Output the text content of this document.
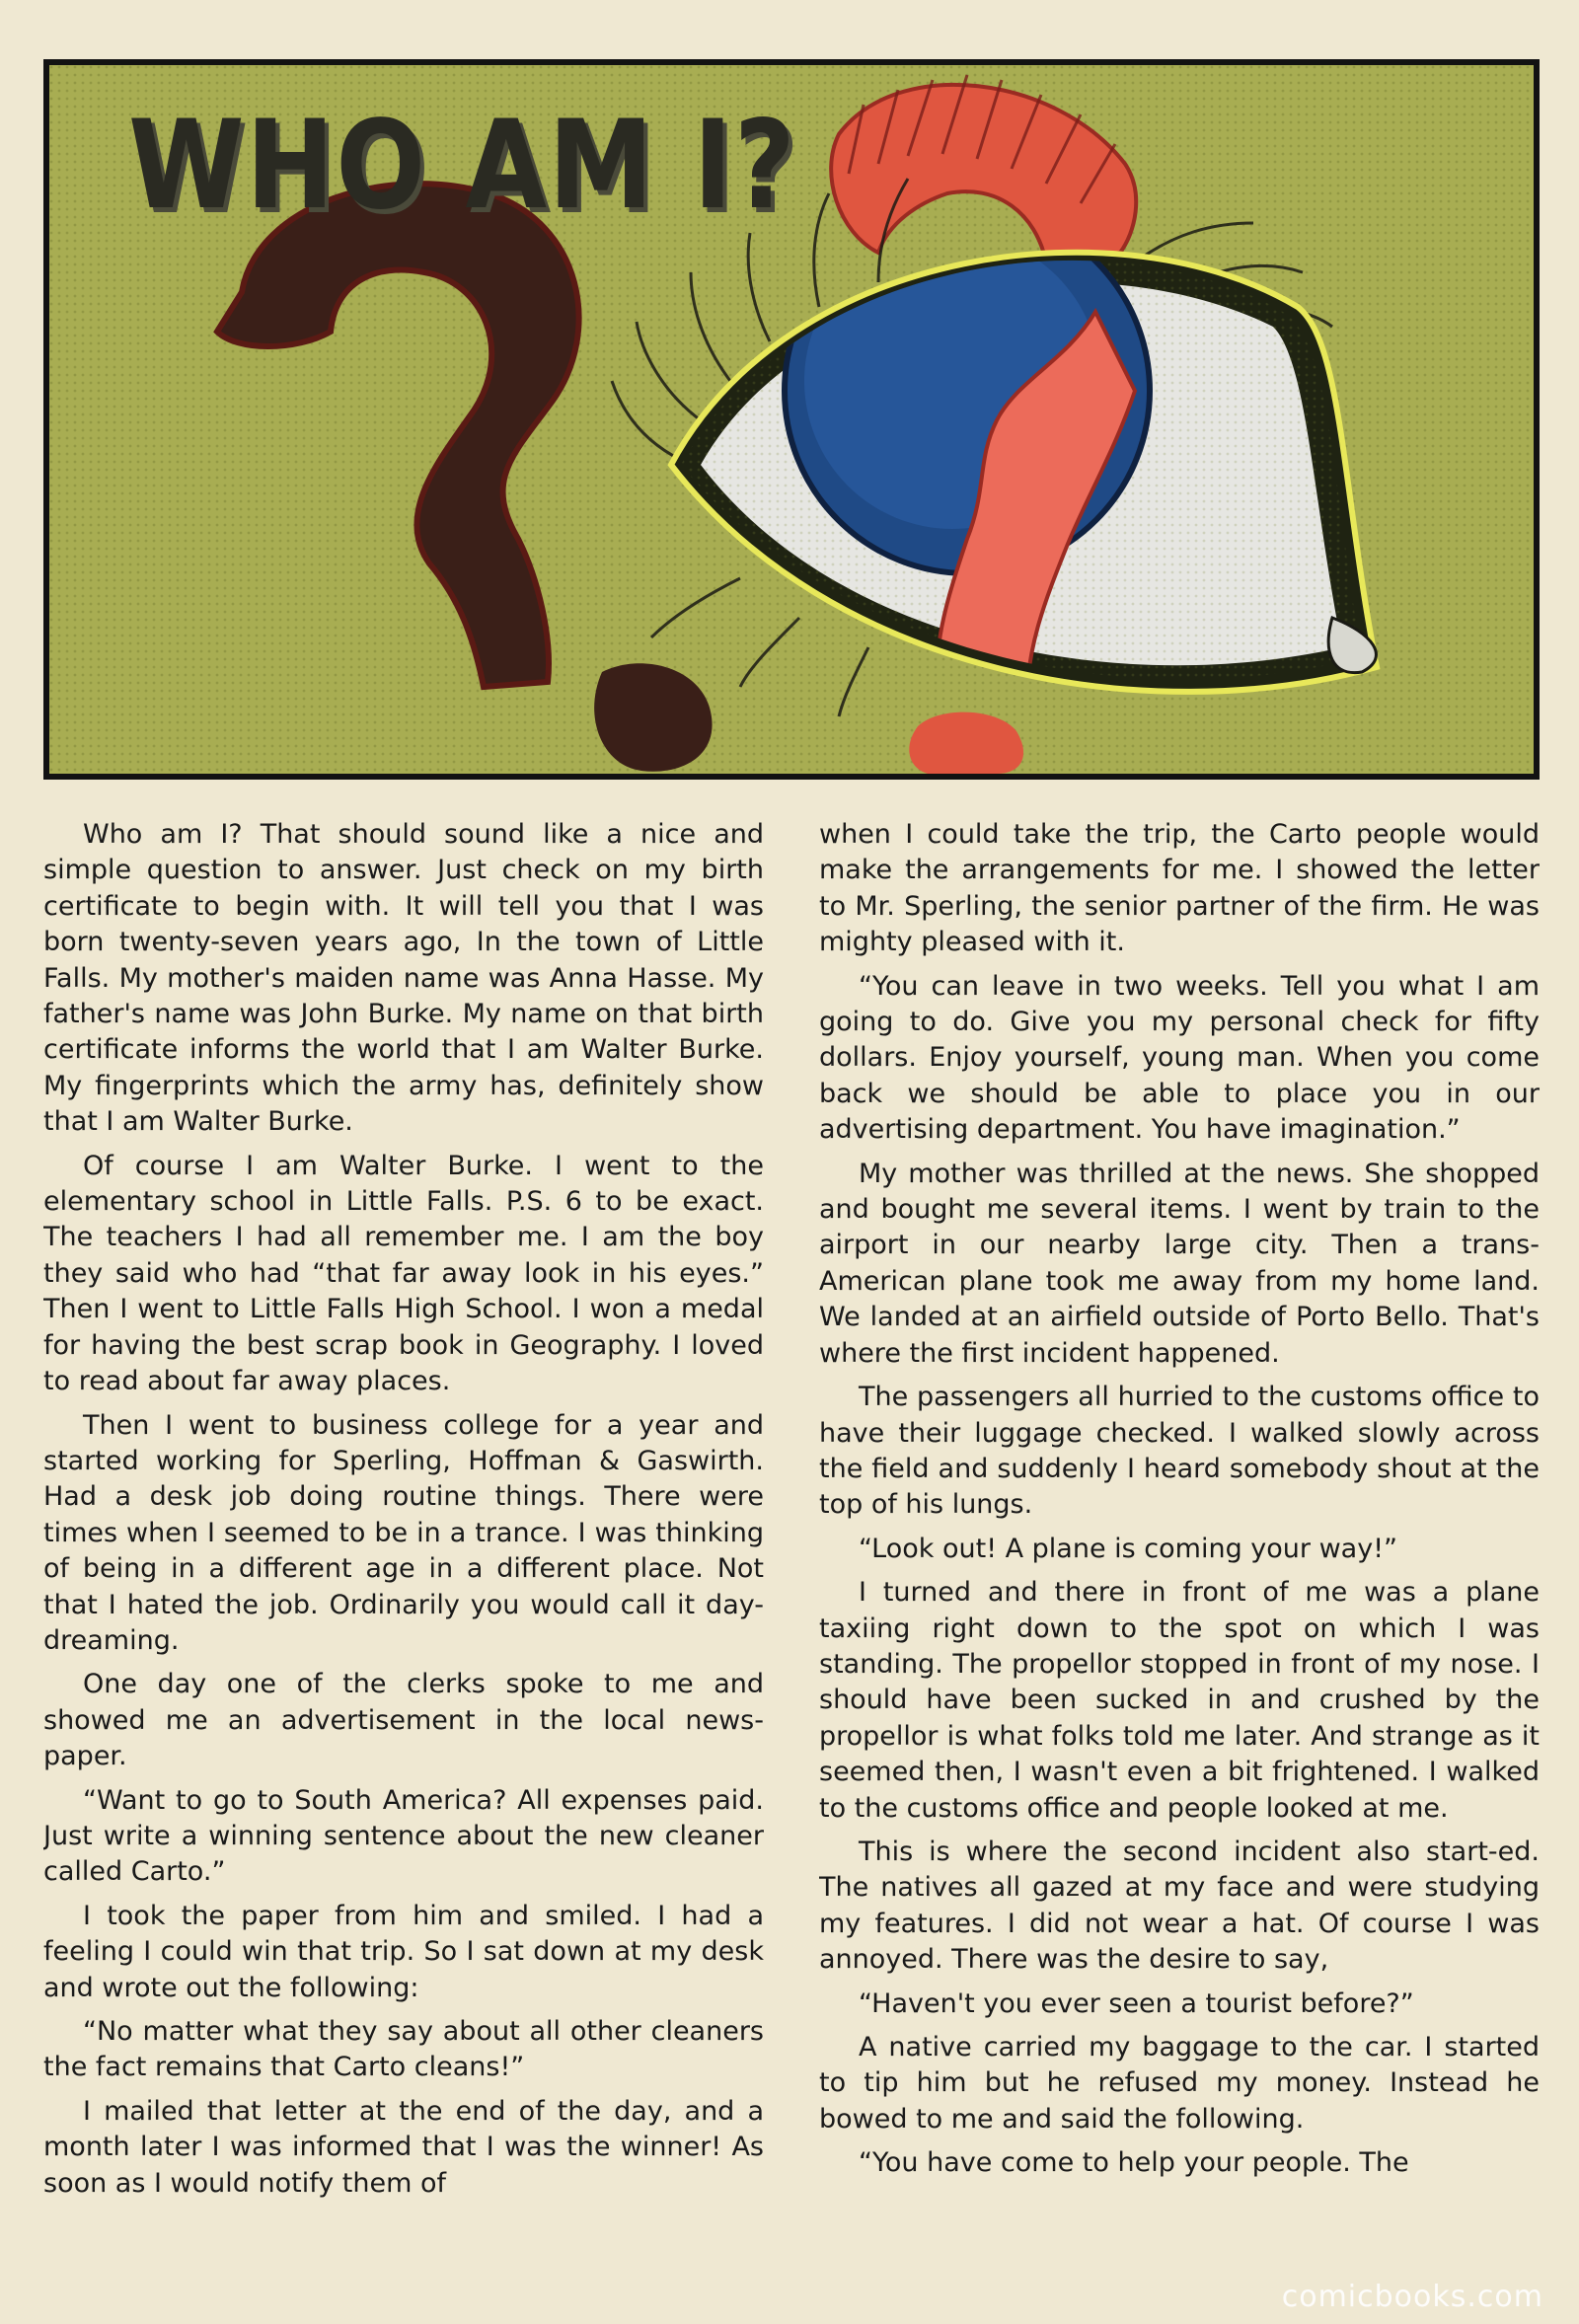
WHO AM I?

Who am I? That should sound like a nice and simple question to answer. Just check on my birth certificate to begin with. It will tell you that I was born twenty-seven years ago, In the town of Little Falls. My mother's maiden name was Anna Hasse. My father's name was John Burke. My name on that birth certificate informs the world that I am Walter Burke. My fingerprints which the army has, definitely show that I am Walter Burke.

Of course I am Walter Burke. I went to the elementary school in Little Falls. P.S. 6 to be exact. The teachers I had all remember me. I am the boy they said who had “that far away look in his eyes.” Then I went to Little Falls High School. I won a medal for having the best scrap book in Geography. I loved to read about far away places.

Then I went to business college for a year and started working for Sperling, Hoffman & Gaswirth. Had a desk job doing routine things. There were times when I seemed to be in a trance. I was thinking of being in a different age in a different place. Not that I hated the job. Ordinarily you would call it day-dreaming.

One day one of the clerks spoke to me and showed me an advertisement in the local news-paper.

“Want to go to South America? All expenses paid. Just write a winning sentence about the new cleaner called Carto.”

I took the paper from him and smiled. I had a feeling I could win that trip. So I sat down at my desk and wrote out the following:

“No matter what they say about all other cleaners the fact remains that Carto cleans!”

I mailed that letter at the end of the day, and a month later I was informed that I was the winner! As soon as I would notify them of

when I could take the trip, the Carto people would make the arrangements for me. I showed the letter to Mr. Sperling, the senior partner of the firm. He was mighty pleased with it.

“You can leave in two weeks. Tell you what I am going to do. Give you my personal check for fifty dollars. Enjoy yourself, young man. When you come back we should be able to place you in our advertising department. You have imagination.”

My mother was thrilled at the news. She shopped and bought me several items. I went by train to the airport in our nearby large city. Then a trans-American plane took me away from my home land. We landed at an airfield outside of Porto Bello. That's where the first incident happened.

The passengers all hurried to the customs office to have their luggage checked. I walked slowly across the field and suddenly I heard somebody shout at the top of his lungs.

“Look out! A plane is coming your way!”

I turned and there in front of me was a plane taxiing right down to the spot on which I was standing. The propellor stopped in front of my nose. I should have been sucked in and crushed by the propellor is what folks told me later. And strange as it seemed then, I wasn't even a bit frightened. I walked to the customs office and people looked at me.

This is where the second incident also start-ed. The natives all gazed at my face and were studying my features. I did not wear a hat. Of course I was annoyed. There was the desire to say,

“Haven't you ever seen a tourist before?”

A native carried my baggage to the car. I started to tip him but he refused my money. Instead he bowed to me and said the following.

“You have come to help your people. The

comicbooks.com
